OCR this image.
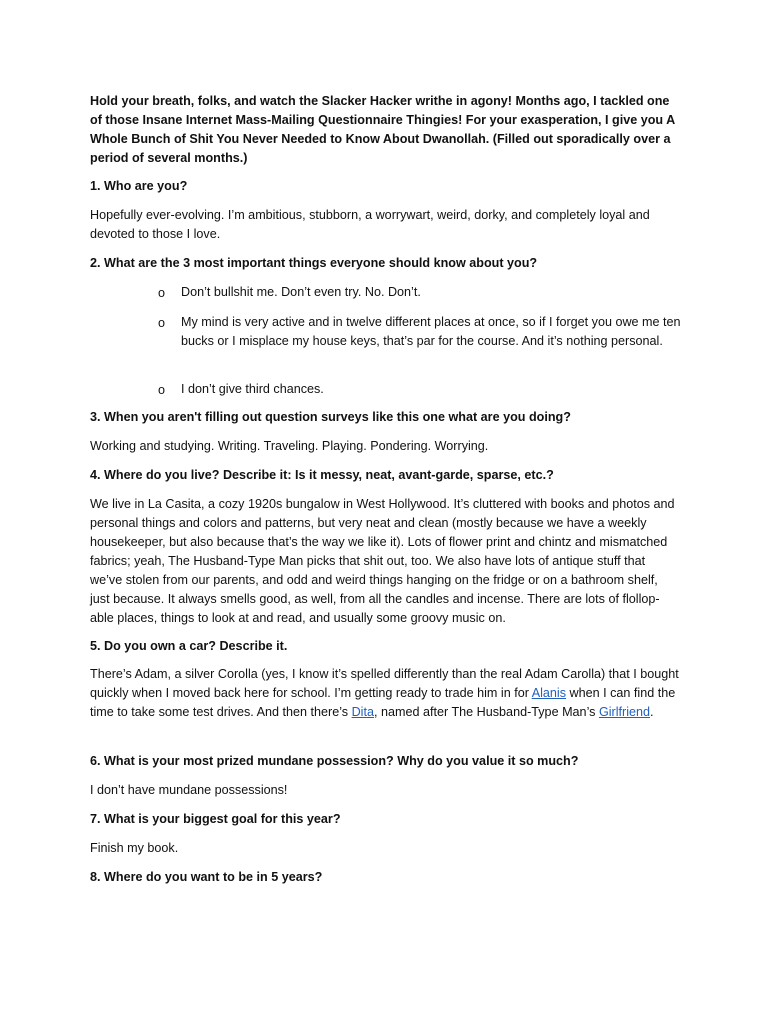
Hold your breath, folks, and watch the Slacker Hacker writhe in agony! Months ago, I tackled one of those Insane Internet Mass-Mailing Questionnaire Thingies! For your exasperation, I give you A Whole Bunch of Shit You Never Needed to Know About Dwanollah. (Filled out sporadically over a period of several months.)

1. Who are you?

Hopefully ever-evolving. I’m ambitious, stubborn, a worrywart, weird, dorky, and completely loyal and devoted to those I love.

2. What are the 3 most important things everyone should know about you?

o	Don’t bullshit me. Don’t even try. No. Don’t.

o	My mind is very active and in twelve different places at once, so if I forget you owe me ten bucks or I misplace my house keys, that’s par for the course. And it’s nothing personal.

o	I don’t give third chances.

3. When you aren't filling out question surveys like this one what are you doing?

Working and studying. Writing. Traveling. Playing. Pondering. Worrying.

4. Where do you live? Describe it: Is it messy, neat, avant-garde, sparse, etc.?

We live in La Casita, a cozy 1920s bungalow in West Hollywood. It’s cluttered with books and photos and personal things and colors and patterns, but very neat and clean (mostly because we have a weekly housekeeper, but also because that’s the way we like it). Lots of flower print and chintz and mismatched fabrics; yeah, The Husband-Type Man picks that shit out, too. We also have lots of antique stuff that we’ve stolen from our parents, and odd and weird things hanging on the fridge or on a bathroom shelf, just because. It always smells good, as well, from all the candles and incense. There are lots of flollop-able places, things to look at and read, and usually some groovy music on.

5. Do you own a car? Describe it.

There’s Adam, a silver Corolla (yes, I know it’s spelled differently than the real Adam Carolla) that I bought quickly when I moved back here for school. I’m getting ready to trade him in for Alanis when I can find the time to take some test drives. And then there’s Dita, named after The Husband-Type Man’s Girlfriend.

6. What is your most prized mundane possession? Why do you value it so much?

I don’t have mundane possessions!

7. What is your biggest goal for this year?

Finish my book.

8. Where do you want to be in 5 years?
